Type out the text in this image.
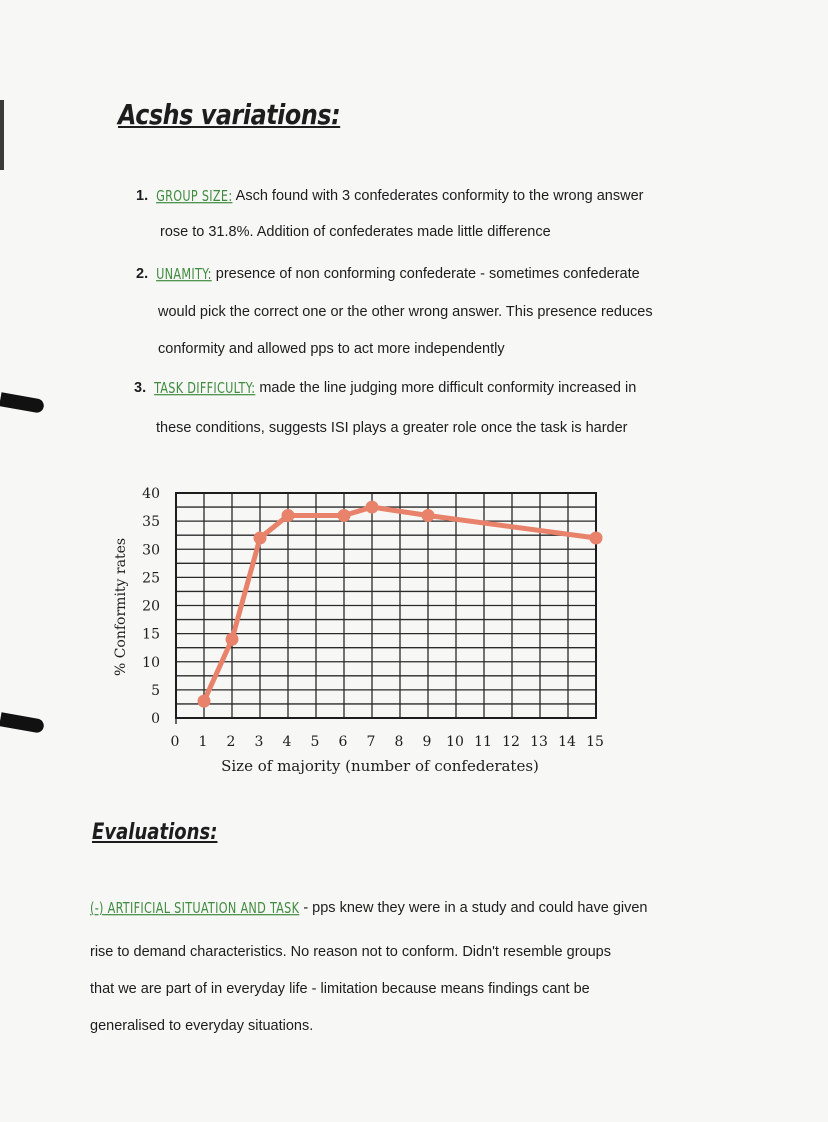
Acshs variations:
1. GROUP SIZE: Asch found with 3 confederates conformity to the wrong answer
rose to 31.8%. Addition of confederates made little difference
2. UNAMITY: presence of non conforming confederate - sometimes confederate
would pick the correct one or the other wrong answer. This presence reduces
conformity and allowed pps to act more independently
3. TASK DIFFICULTY: made the line judging more difficult conformity increased in
these conditions, suggests ISI plays a greater role once the task is harder
0
5
10
15
20
25
30
35
40
0 1 2 3 4 5 6 7 8 9 10 11 12 13 14 15
Size of majority (number of confederates)
% Conformity rates
Evaluations:
(-) ARTIFICIAL SITUATION AND TASK - pps knew they were in a study and could have given
rise to demand characteristics. No reason not to conform. Didn't resemble groups
that we are part of in everyday life - limitation because means findings cant be
generalised to everyday situations.
